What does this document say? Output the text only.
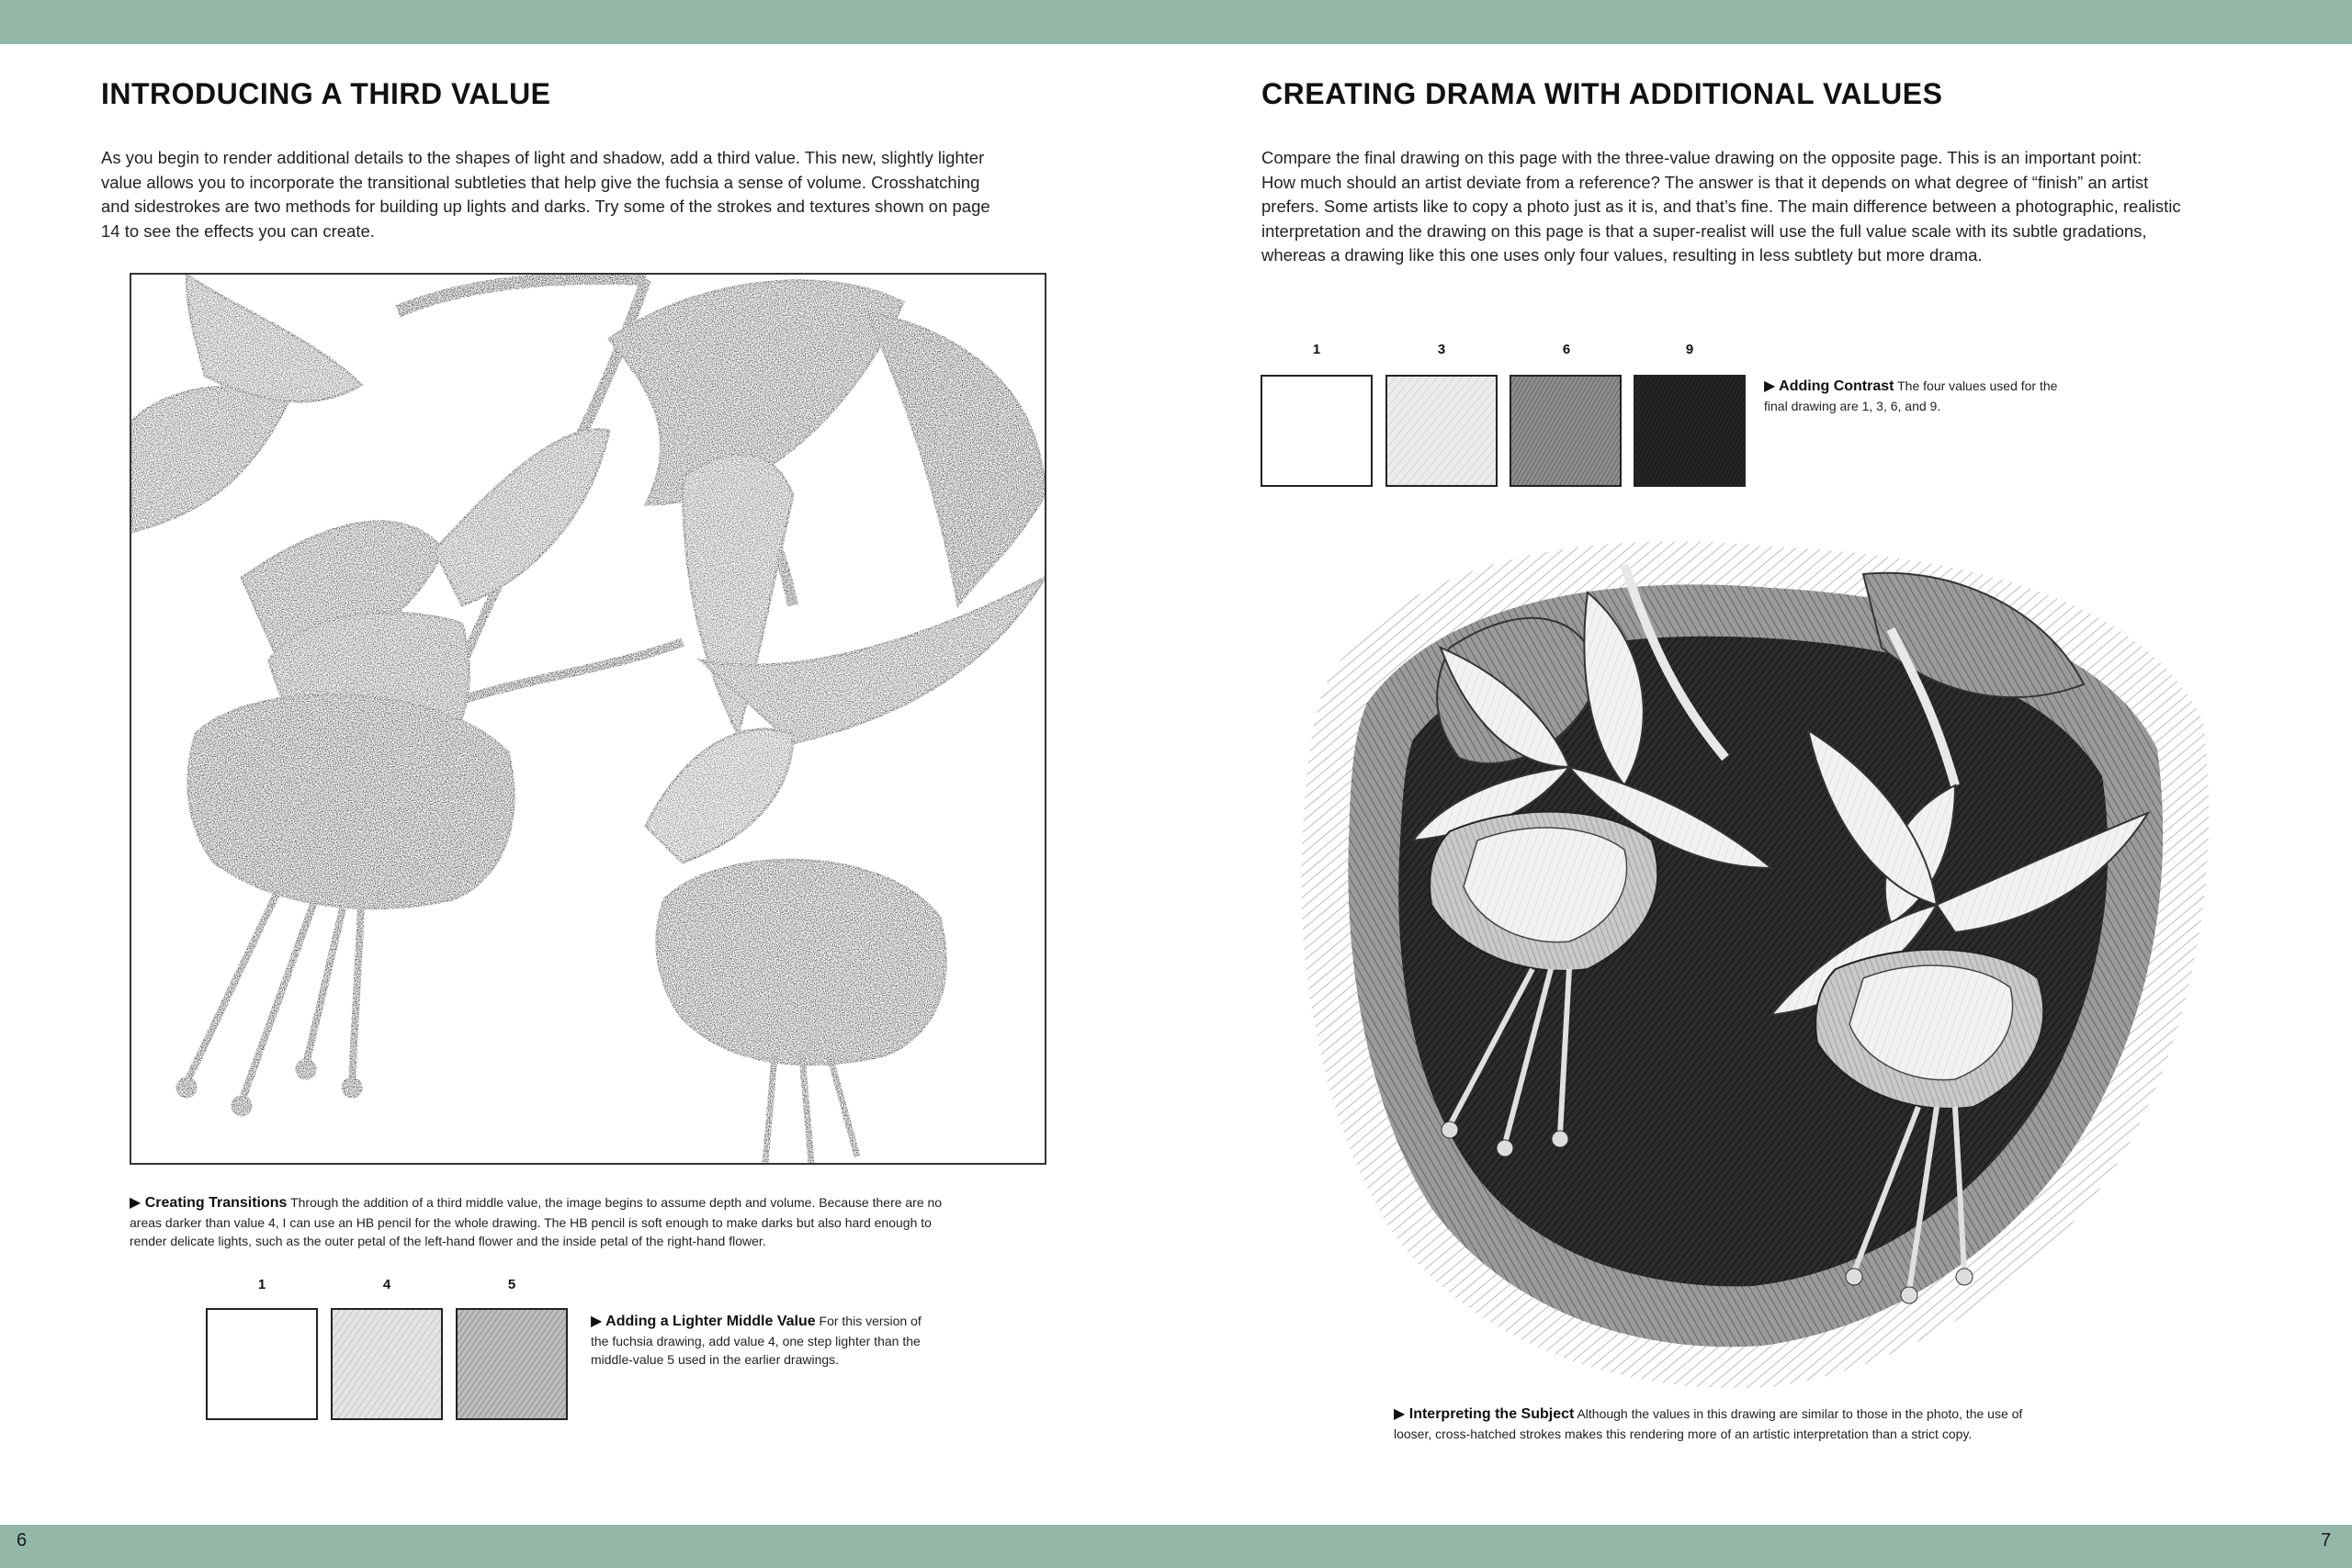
INTRODUCING A THIRD VALUE
As you begin to render additional details to the shapes of light and shadow, add a third value. This new, slightly lighter
value allows you to incorporate the transitional subtleties that help give the fuchsia a sense of volume. Crosshatching
and sidestrokes are two methods for building up lights and darks. Try some of the strokes and textures shown on page
14 to see the effects you can create.
▶ Creating Transitions Through the addition of a third middle value, the image begins to assume depth and volume. Because there are no
areas darker than value 4, I can use an HB pencil for the whole drawing. The HB pencil is soft enough to make darks but also hard enough to
render delicate lights, such as the outer petal of the left-hand flower and the inside petal of the right-hand flower.
1	4	5
▶ Adding a Lighter Middle Value For this version of
the fuchsia drawing, add value 4, one step lighter than the
middle-value 5 used in the earlier drawings.
6
CREATING DRAMA WITH ADDITIONAL VALUES
Compare the final drawing on this page with the three-value drawing on the opposite page. This is an important point:
How much should an artist deviate from a reference? The answer is that it depends on what degree of “finish” an artist
prefers. Some artists like to copy a photo just as it is, and that’s fine. The main difference between a photographic, realistic
interpretation and the drawing on this page is that a super-realist will use the full value scale with its subtle gradations,
whereas a drawing like this one uses only four values, resulting in less subtlety but more drama.
1	3	6	9
▶ Adding Contrast The four values used for the
final drawing are 1, 3, 6, and 9.
▶ Interpreting the Subject Although the values in this drawing are similar to those in the photo, the use of
looser, cross-hatched strokes makes this rendering more of an artistic interpretation than a strict copy.
7
